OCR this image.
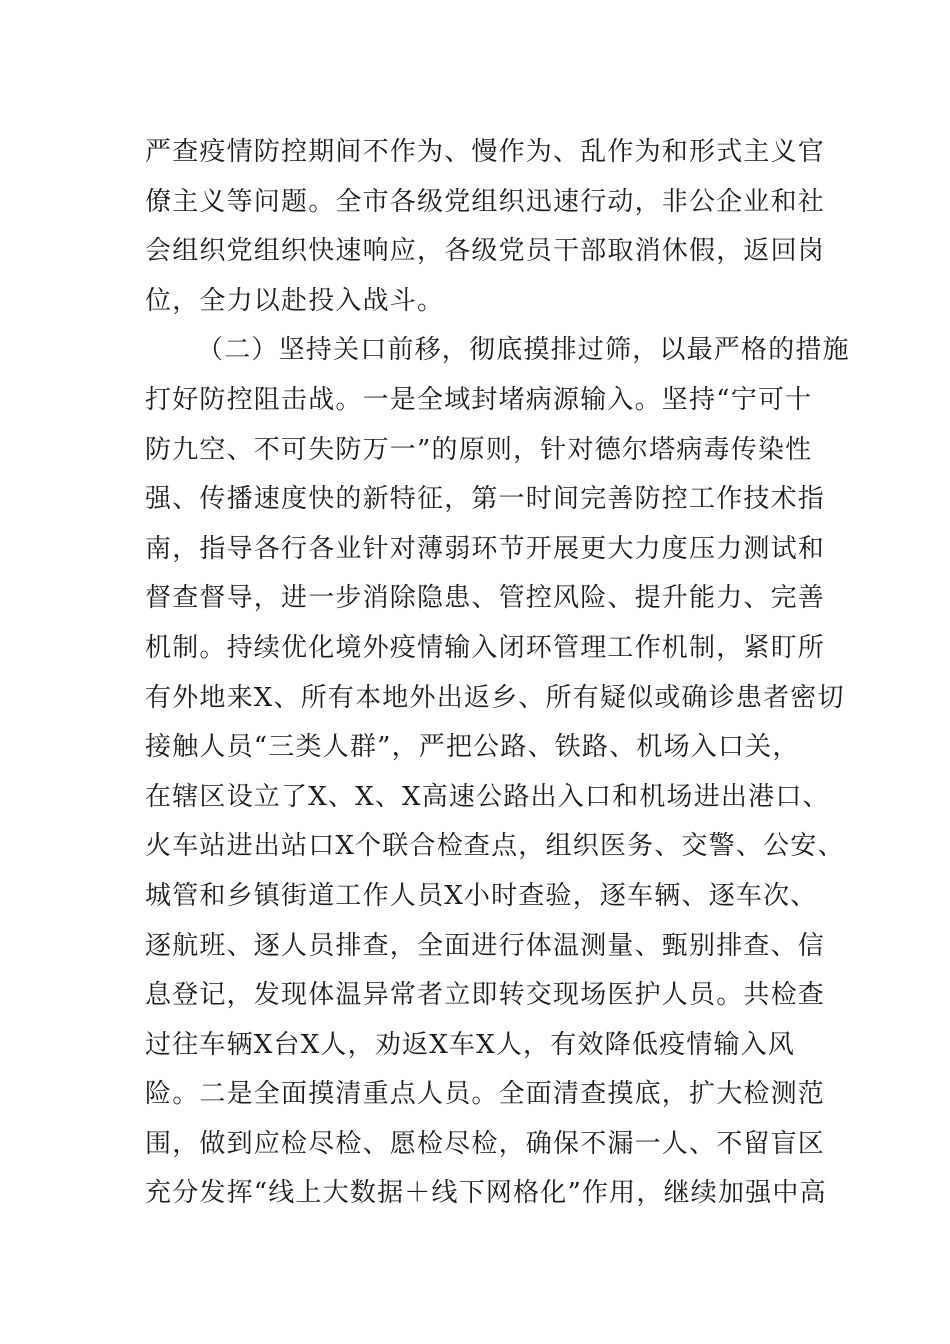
严查疫情防控期间不作为、慢作为、乱作为和形式主义官
僚主义等问题。全市各级党组织迅速行动，非公企业和社
会组织党组织快速响应，各级党员干部取消休假，返回岗
位，全力以赴投入战斗。
（二）坚持关口前移，彻底摸排过筛，以最严格的措施
打好防控阻击战。一是全域封堵病源输入。坚持“宁可十
防九空、不可失防万一”的原则，针对德尔塔病毒传染性
强、传播速度快的新特征，第一时间完善防控工作技术指
南，指导各行各业针对薄弱环节开展更大力度压力测试和
督查督导，进一步消除隐患、管控风险、提升能力、完善
机制。持续优化境外疫情输入闭环管理工作机制，紧盯所
有外地来X、所有本地外出返乡、所有疑似或确诊患者密切
接触人员“三类人群”，严把公路、铁路、机场入口关，
在辖区设立了X、X、X高速公路出入口和机场进出港口、
火车站进出站口X个联合检查点，组织医务、交警、公安、
城管和乡镇街道工作人员X小时查验，逐车辆、逐车次、
逐航班、逐人员排查，全面进行体温测量、甄别排查、信
息登记，发现体温异常者立即转交现场医护人员。共检查
过往车辆X台X人，劝返X车X人，有效降低疫情输入风
险。二是全面摸清重点人员。全面清查摸底，扩大检测范
围，做到应检尽检、愿检尽检，确保不漏一人、不留盲区
充分发挥“线上大数据＋线下网格化”作用，继续加强中高
